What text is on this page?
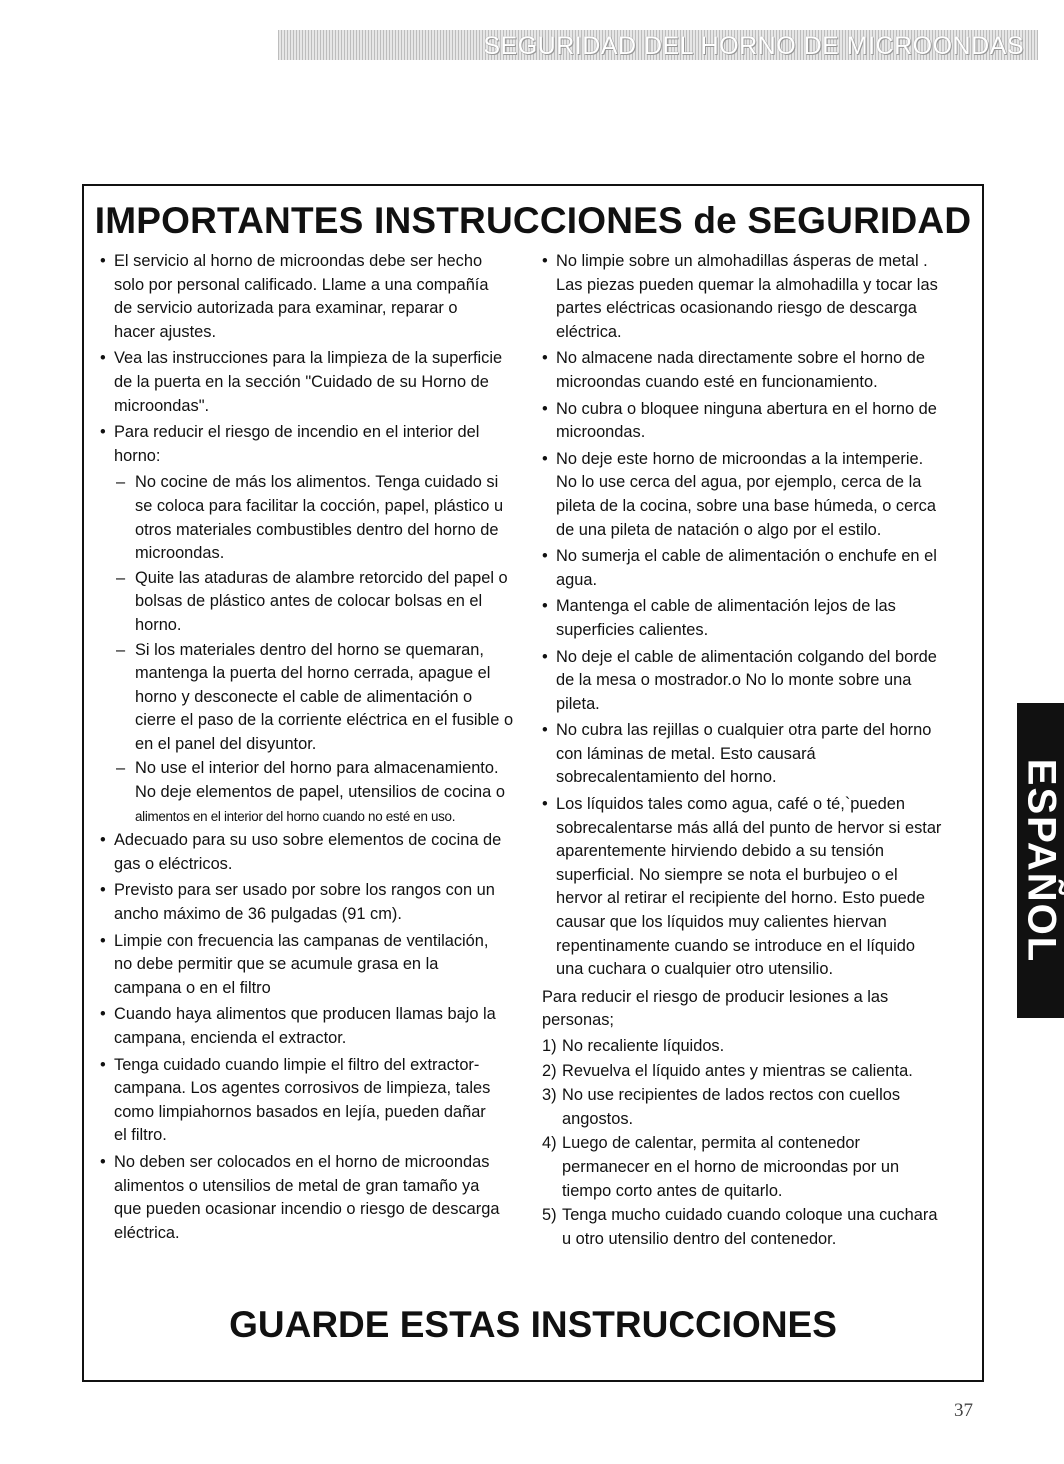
SEGURIDAD DEL HORNO DE MICROONDAS
IMPORTANTES INSTRUCCIONES de SEGURIDAD
• El servicio al horno de microondas debe ser hecho
solo por personal calificado. Llame a una compañía
de servicio autorizada para examinar, reparar o
hacer ajustes.
• Vea las instrucciones para la limpieza de la superficie
de la puerta en la sección "Cuidado de su Horno de
microondas".
• Para reducir el riesgo de incendio en el interior del
horno:
– No cocine de más los alimentos. Tenga cuidado si
se coloca para facilitar la cocción, papel, plástico u
otros materiales combustibles dentro del horno de
microondas.
– Quite las ataduras de alambre retorcido del papel o
bolsas de plástico antes de colocar bolsas en el
horno.
– Si los materiales dentro del horno se quemaran,
mantenga la puerta del horno cerrada, apague el
horno y desconecte el cable de alimentación o
cierre el paso de la corriente eléctrica en el fusible o
en el panel del disyuntor.
– No use el interior del horno para almacenamiento.
No deje elementos de papel, utensilios de cocina o
alimentos en el interior del horno cuando no esté en uso.
• Adecuado para su uso sobre elementos de cocina de
gas o eléctricos.
• Previsto para ser usado por sobre los rangos con un
ancho máximo de 36 pulgadas (91 cm).
• Limpie con frecuencia las campanas de ventilación,
no debe permitir que se acumule grasa en la
campana o en el filtro
• Cuando haya alimentos que producen llamas bajo la
campana, encienda el extractor.
• Tenga cuidado cuando limpie el filtro del extractor-
campana. Los agentes corrosivos de limpieza, tales
como limpiahornos basados en lejía, pueden dañar
el filtro.
• No deben ser colocados en el horno de microondas
alimentos o utensilios de metal de gran tamaño ya
que pueden ocasionar incendio o riesgo de descarga
eléctrica.
• No limpie sobre un almohadillas ásperas de metal .
Las piezas pueden quemar la almohadilla y tocar las
partes eléctricas ocasionando riesgo de descarga
eléctrica.
• No almacene nada directamente sobre el horno de
microondas cuando esté en funcionamiento.
• No cubra o bloquee ninguna abertura en el horno de
microondas.
• No deje este horno de microondas a la intemperie.
No lo use cerca del agua, por ejemplo, cerca de la
pileta de la cocina, sobre una base húmeda, o cerca
de una pileta de natación o algo por el estilo.
• No sumerja el cable de alimentación o enchufe en el
agua.
• Mantenga el cable de alimentación lejos de las
superficies calientes.
• No deje el cable de alimentación colgando del borde
de la mesa o mostrador.o No lo monte sobre una
pileta.
• No cubra las rejillas o cualquier otra parte del horno
con láminas de metal. Esto causará
sobrecalentamiento del horno.
• Los líquidos tales como agua, café o té,`pueden
sobrecalentarse más allá del punto de hervor si estar
aparentemente hirviendo debido a su tensión
superficial. No siempre se nota el burbujeo o el
hervor al retirar el recipiente del horno. Esto puede
causar que los líquidos muy calientes hiervan
repentinamente cuando se introduce en el líquido
una cuchara o cualquier otro utensilio.
Para reducir el riesgo de producir lesiones a las
personas;
1) No recaliente líquidos.
2) Revuelva el líquido antes y mientras se calienta.
3) No use recipientes de lados rectos con cuellos
angostos.
4) Luego de calentar, permita al contenedor
permanecer en el horno de microondas por un
tiempo corto antes de quitarlo.
5) Tenga mucho cuidado cuando coloque una cuchara
u otro utensilio dentro del contenedor.
GUARDE ESTAS INSTRUCCIONES
ESPAÑOL
37
